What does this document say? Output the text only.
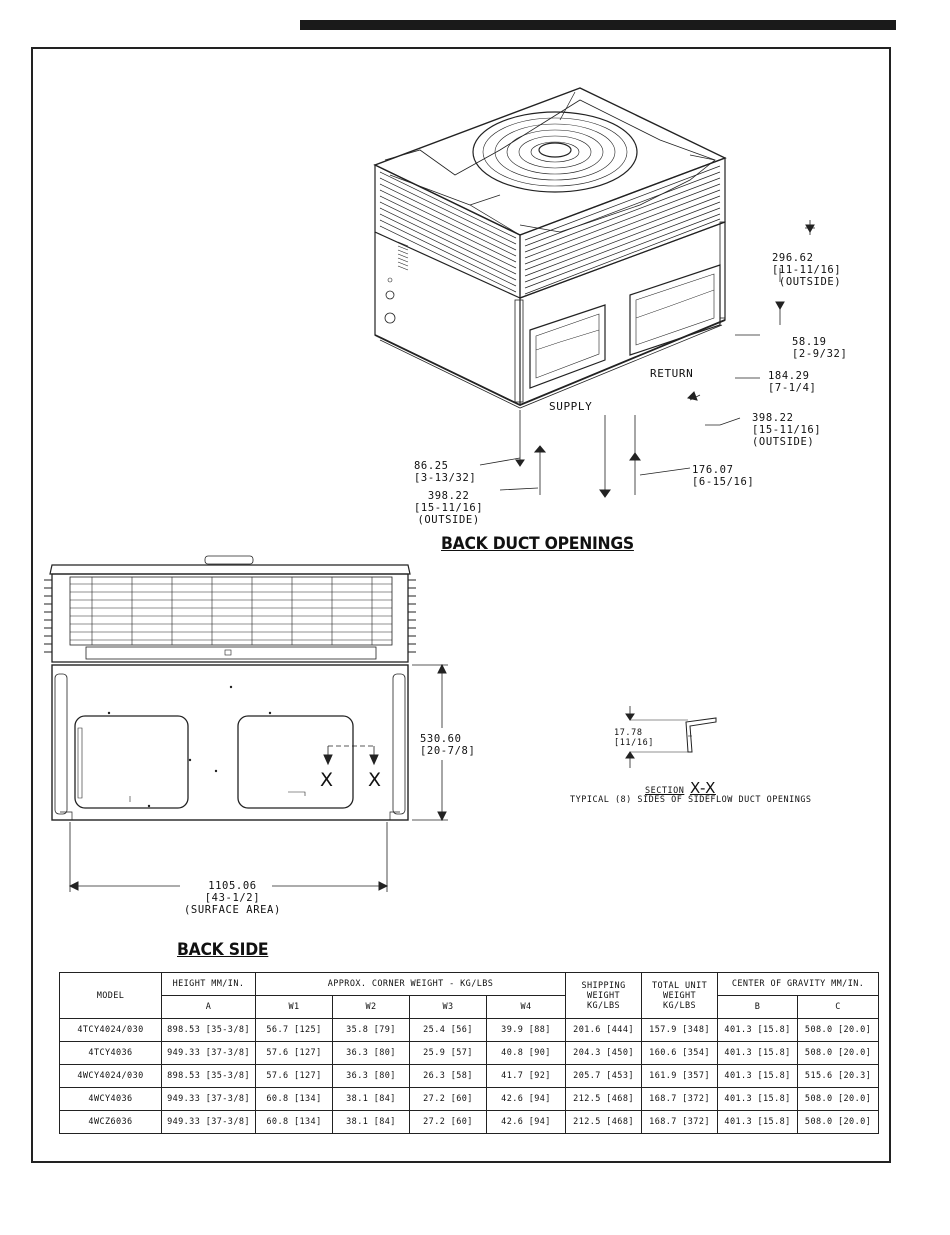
296.62
[11-11/16]
(OUTSIDE)
58.19
[2-9/32]
184.29
[7-1/4]
398.22
[15-11/16]
(OUTSIDE)
176.07
[6-15/16]
86.25
[3-13/32]
398.22
[15-11/16]
(OUTSIDE)
SUPPLY
RETURN
BACK DUCT OPENINGS
530.60
[20-7/8]
1105.06
[43-1/2]
(SURFACE AREA)
X X
BACK SIDE
17.78
[11/16]
SECTION X-X
TYPICAL (8) SIDES OF SIDEFLOW DUCT OPENINGS
MODEL	HEIGHT MM/IN.	APPROX. CORNER WEIGHT - KG/LBS				SHIPPING
WEIGHT
KG/LBS	TOTAL UNIT
WEIGHT
KG/LBS	CENTER OF GRAVITY MM/IN.	
	A	W1	W2	W3	W4			B	C
4TCY4024/030	898.53 [35-3/8]	56.7 [125]	35.8 [79]	25.4 [56]	39.9 [88]	201.6 [444]	157.9 [348]	401.3 [15.8]	508.0 [20.0]
4TCY4036	949.33 [37-3/8]	57.6 [127]	36.3 [80]	25.9 [57]	40.8 [90]	204.3 [450]	160.6 [354]	401.3 [15.8]	508.0 [20.0]
4WCY4024/030	898.53 [35-3/8]	57.6 [127]	36.3 [80]	26.3 [58]	41.7 [92]	205.7 [453]	161.9 [357]	401.3 [15.8]	515.6 [20.3]
4WCY4036	949.33 [37-3/8]	60.8 [134]	38.1 [84]	27.2 [60]	42.6 [94]	212.5 [468]	168.7 [372]	401.3 [15.8]	508.0 [20.0]
4WCZ6036	949.33 [37-3/8]	60.8 [134]	38.1 [84]	27.2 [60]	42.6 [94]	212.5 [468]	168.7 [372]	401.3 [15.8]	508.0 [20.0]
